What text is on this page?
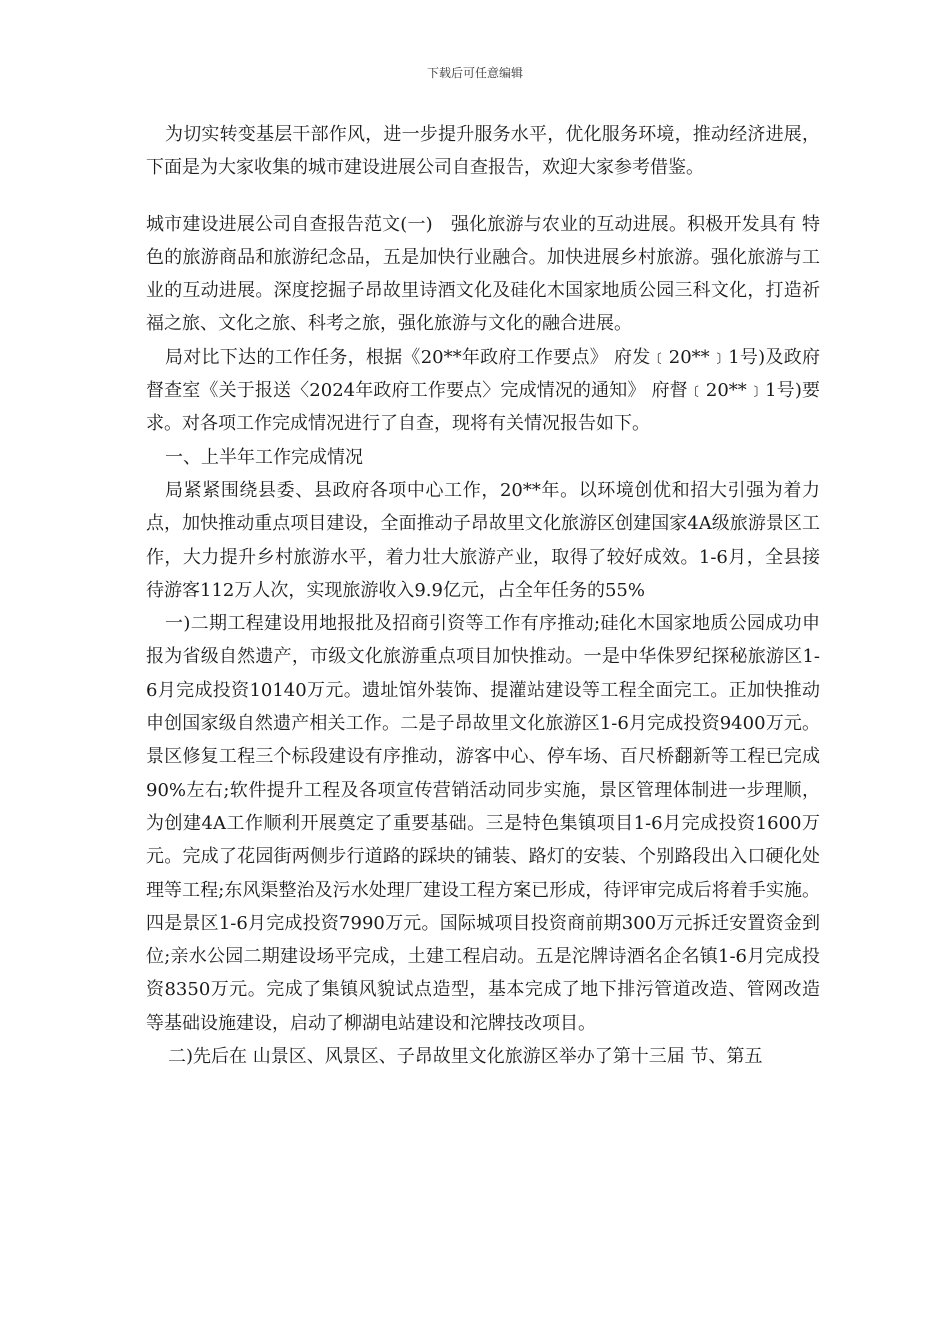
下载后可任意编辑

为切实转变基层干部作风，进一步提升服务水平，优化服务环境，推动经济进展，下面是为大家收集的城市建设进展公司自查报告，欢迎大家参考借鉴。

城市建设进展公司自查报告范文(一)　强化旅游与农业的互动进展。积极开发具有 特色的旅游商品和旅游纪念品，五是加快行业融合。加快进展乡村旅游。强化旅游与工业的互动进展。深度挖掘子昂故里诗酒文化及硅化木国家地质公园三科文化，打造祈福之旅、文化之旅、科考之旅，强化旅游与文化的融合进展。

局对比下达的工作任务，根据《20**年政府工作要点》 府发﹝20**﹞1号)及政府督查室《关于报送〈2024年政府工作要点〉完成情况的通知》 府督﹝20**﹞1号)要求。对各项工作完成情况进行了自查，现将有关情况报告如下。

一、上半年工作完成情况

局紧紧围绕县委、县政府各项中心工作，20**年。以环境创优和招大引强为着力点，加快推动重点项目建设，全面推动子昂故里文化旅游区创建国家4A级旅游景区工作，大力提升乡村旅游水平，着力壮大旅游产业，取得了较好成效。1-6月，全县接待游客112万人次，实现旅游收入9.9亿元，占全年任务的55%

一)二期工程建设用地报批及招商引资等工作有序推动;硅化木国家地质公园成功申报为省级自然遗产，市级文化旅游重点项目加快推动。一是中华侏罗纪探秘旅游区1-6月完成投资10140万元。遗址馆外装饰、提灌站建设等工程全面完工。正加快推动申创国家级自然遗产相关工作。二是子昂故里文化旅游区1-6月完成投资9400万元。景区修复工程三个标段建设有序推动，游客中心、停车场、百尺桥翻新等工程已完成90%左右;软件提升工程及各项宣传营销活动同步实施，景区管理体制进一步理顺，为创建4A工作顺利开展奠定了重要基础。三是特色集镇项目1-6月完成投资1600万元。完成了花园街两侧步行道路的踩块的铺装、路灯的安装、个别路段出入口硬化处理等工程;东风渠整治及污水处理厂建设工程方案已形成，待评审完成后将着手实施。四是景区1-6月完成投资7990万元。国际城项目投资商前期300万元拆迁安置资金到位;亲水公园二期建设场平完成，土建工程启动。五是沱牌诗酒名企名镇1-6月完成投资8350万元。完成了集镇风貌试点造型，基本完成了地下排污管道改造、管网改造等基础设施建设，启动了柳湖电站建设和沱牌技改项目。

二)先后在 山景区、风景区、子昂故里文化旅游区举办了第十三届 节、第五
